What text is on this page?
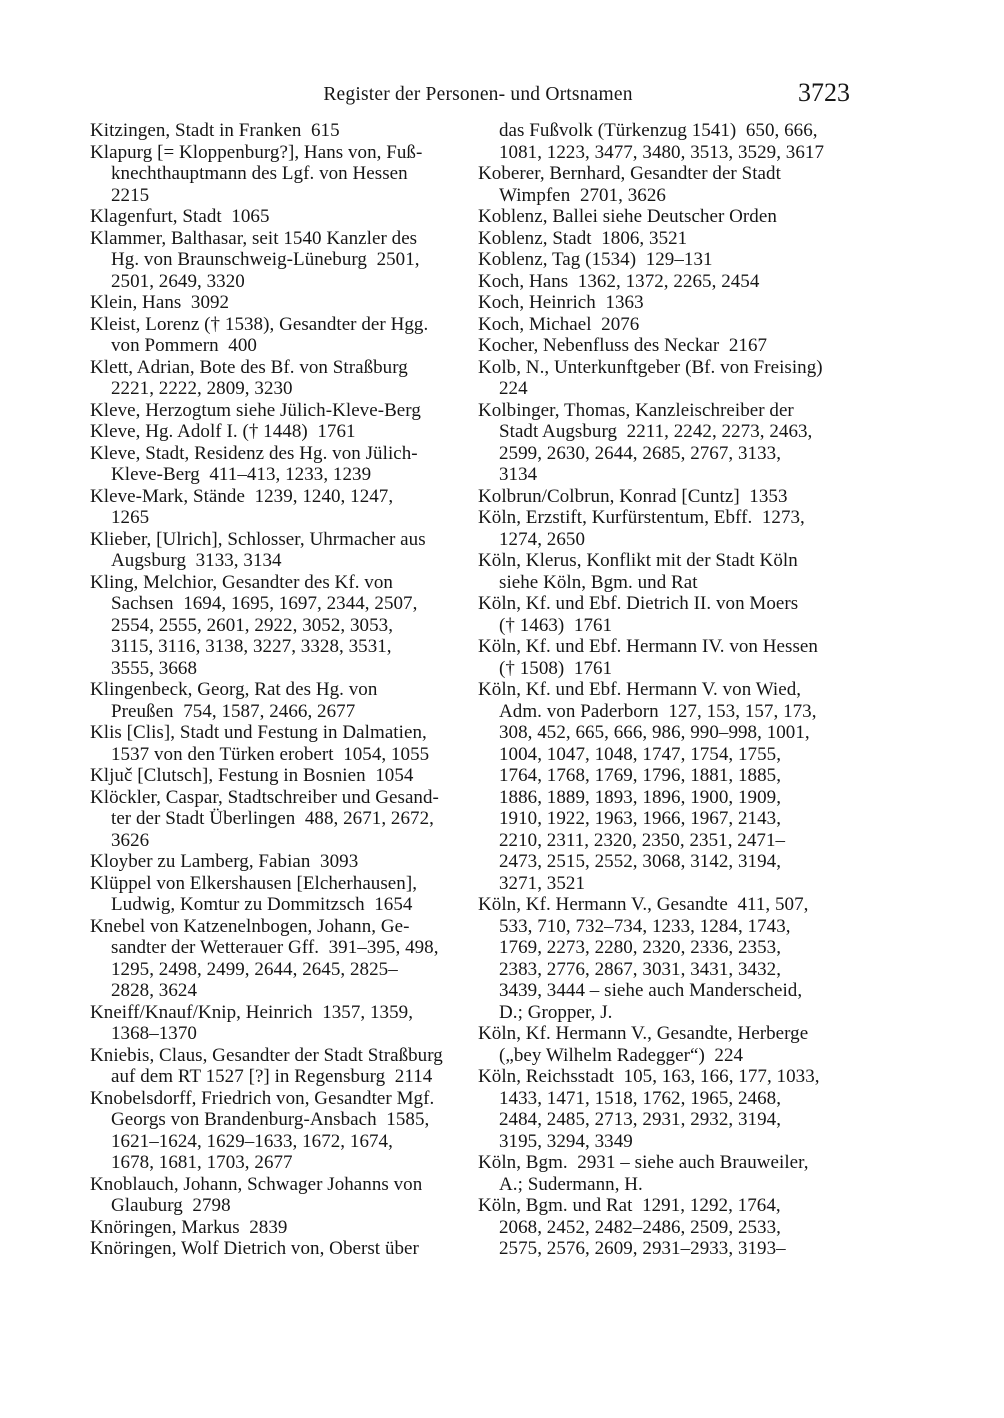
Register der Personen- und Ortsnamen	3723
Kitzingen, Stadt in Franken  615
Klapurg [= Kloppenburg?], Hans von, Fuß-
knechthauptmann des Lgf. von Hessen
2215
Klagenfurt, Stadt  1065
Klammer, Balthasar, seit 1540 Kanzler des
Hg. von Braunschweig-Lüneburg  2501,
2501, 2649, 3320
Klein, Hans  3092
Kleist, Lorenz († 1538), Gesandter der Hgg.
von Pommern  400
Klett, Adrian, Bote des Bf. von Straßburg
2221, 2222, 2809, 3230
Kleve, Herzogtum siehe Jülich-Kleve-Berg
Kleve, Hg. Adolf I. († 1448)  1761
Kleve, Stadt, Residenz des Hg. von Jülich-
Kleve-Berg  411–413, 1233, 1239
Kleve-Mark, Stände  1239, 1240, 1247,
1265
Klieber, [Ulrich], Schlosser, Uhrmacher aus
Augsburg  3133, 3134
Kling, Melchior, Gesandter des Kf. von
Sachsen  1694, 1695, 1697, 2344, 2507,
2554, 2555, 2601, 2922, 3052, 3053,
3115, 3116, 3138, 3227, 3328, 3531,
3555, 3668
Klingenbeck, Georg, Rat des Hg. von
Preußen  754, 1587, 2466, 2677
Klis [Clis], Stadt und Festung in Dalmatien,
1537 von den Türken erobert  1054, 1055
Ključ [Clutsch], Festung in Bosnien  1054
Klöckler, Caspar, Stadtschreiber und Gesand-
ter der Stadt Überlingen  488, 2671, 2672,
3626
Kloyber zu Lamberg, Fabian  3093
Klüppel von Elkershausen [Elcherhausen],
Ludwig, Komtur zu Dommitzsch  1654
Knebel von Katzenelnbogen, Johann, Ge-
sandter der Wetterauer Gff.  391–395, 498,
1295, 2498, 2499, 2644, 2645, 2825–
2828, 3624
Kneiff/Knauf/Knip, Heinrich  1357, 1359,
1368–1370
Kniebis, Claus, Gesandter der Stadt Straßburg
auf dem RT 1527 [?] in Regensburg  2114
Knobelsdorff, Friedrich von, Gesandter Mgf.
Georgs von Brandenburg-Ansbach  1585,
1621–1624, 1629–1633, 1672, 1674,
1678, 1681, 1703, 2677
Knoblauch, Johann, Schwager Johanns von
Glauburg  2798
Knöringen, Markus  2839
Knöringen, Wolf Dietrich von, Oberst über
das Fußvolk (Türkenzug 1541)  650, 666,
1081, 1223, 3477, 3480, 3513, 3529, 3617
Koberer, Bernhard, Gesandter der Stadt
Wimpfen  2701, 3626
Koblenz, Ballei siehe Deutscher Orden
Koblenz, Stadt  1806, 3521
Koblenz, Tag (1534)  129–131
Koch, Hans  1362, 1372, 2265, 2454
Koch, Heinrich  1363
Koch, Michael  2076
Kocher, Nebenfluss des Neckar  2167
Kolb, N., Unterkunftgeber (Bf. von Freising)
224
Kolbinger, Thomas, Kanzleischreiber der
Stadt Augsburg  2211, 2242, 2273, 2463,
2599, 2630, 2644, 2685, 2767, 3133,
3134
Kolbrun/Colbrun, Konrad [Cuntz]  1353
Köln, Erzstift, Kurfürstentum, Ebff.  1273,
1274, 2650
Köln, Klerus, Konflikt mit der Stadt Köln
siehe Köln, Bgm. und Rat
Köln, Kf. und Ebf. Dietrich II. von Moers
(† 1463)  1761
Köln, Kf. und Ebf. Hermann IV. von Hessen
(† 1508)  1761
Köln, Kf. und Ebf. Hermann V. von Wied,
Adm. von Paderborn  127, 153, 157, 173,
308, 452, 665, 666, 986, 990–998, 1001,
1004, 1047, 1048, 1747, 1754, 1755,
1764, 1768, 1769, 1796, 1881, 1885,
1886, 1889, 1893, 1896, 1900, 1909,
1910, 1922, 1963, 1966, 1967, 2143,
2210, 2311, 2320, 2350, 2351, 2471–
2473, 2515, 2552, 3068, 3142, 3194,
3271, 3521
Köln, Kf. Hermann V., Gesandte  411, 507,
533, 710, 732–734, 1233, 1284, 1743,
1769, 2273, 2280, 2320, 2336, 2353,
2383, 2776, 2867, 3031, 3431, 3432,
3439, 3444 – siehe auch Manderscheid,
D.; Gropper, J.
Köln, Kf. Hermann V., Gesandte, Herberge
(„bey Wilhelm Radegger“)  224
Köln, Reichsstadt  105, 163, 166, 177, 1033,
1433, 1471, 1518, 1762, 1965, 2468,
2484, 2485, 2713, 2931, 2932, 3194,
3195, 3294, 3349
Köln, Bgm.  2931 – siehe auch Brauweiler,
A.; Sudermann, H.
Köln, Bgm. und Rat  1291, 1292, 1764,
2068, 2452, 2482–2486, 2509, 2533,
2575, 2576, 2609, 2931–2933, 3193–
